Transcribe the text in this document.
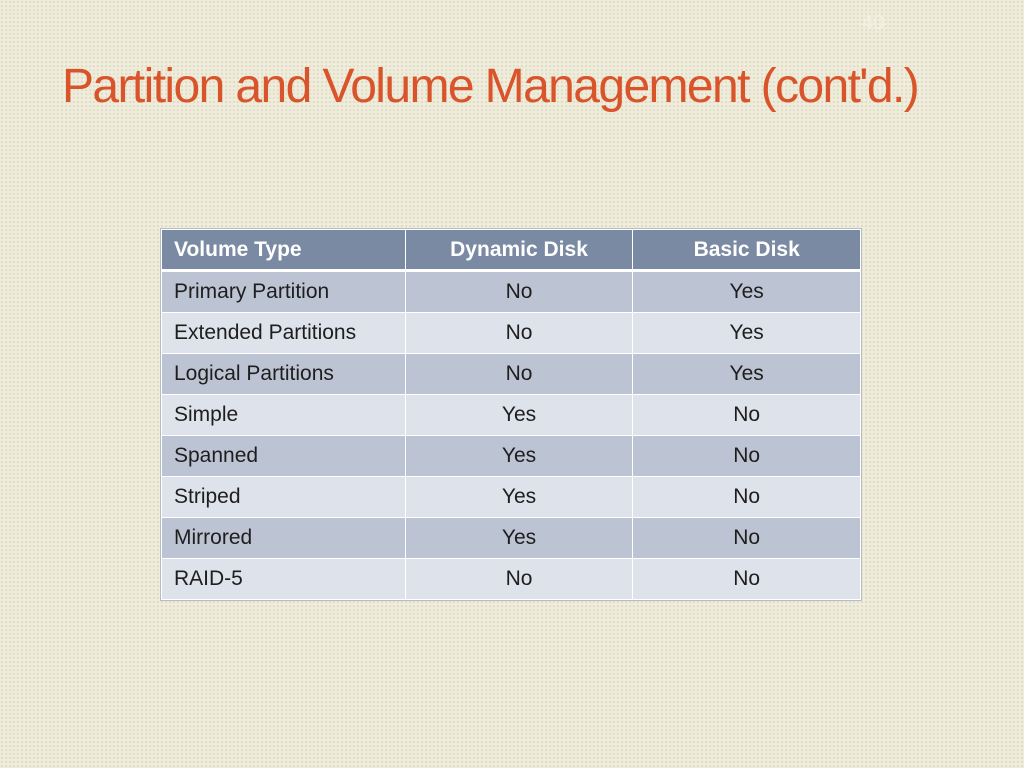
40
Partition and Volume Management (cont'd.)
Volume Type	Dynamic Disk	Basic Disk
Primary Partition	No	Yes
Extended Partitions	No	Yes
Logical Partitions	No	Yes
Simple	Yes	No
Spanned	Yes	No
Striped	Yes	No
Mirrored	Yes	No
RAID-5	No	No
